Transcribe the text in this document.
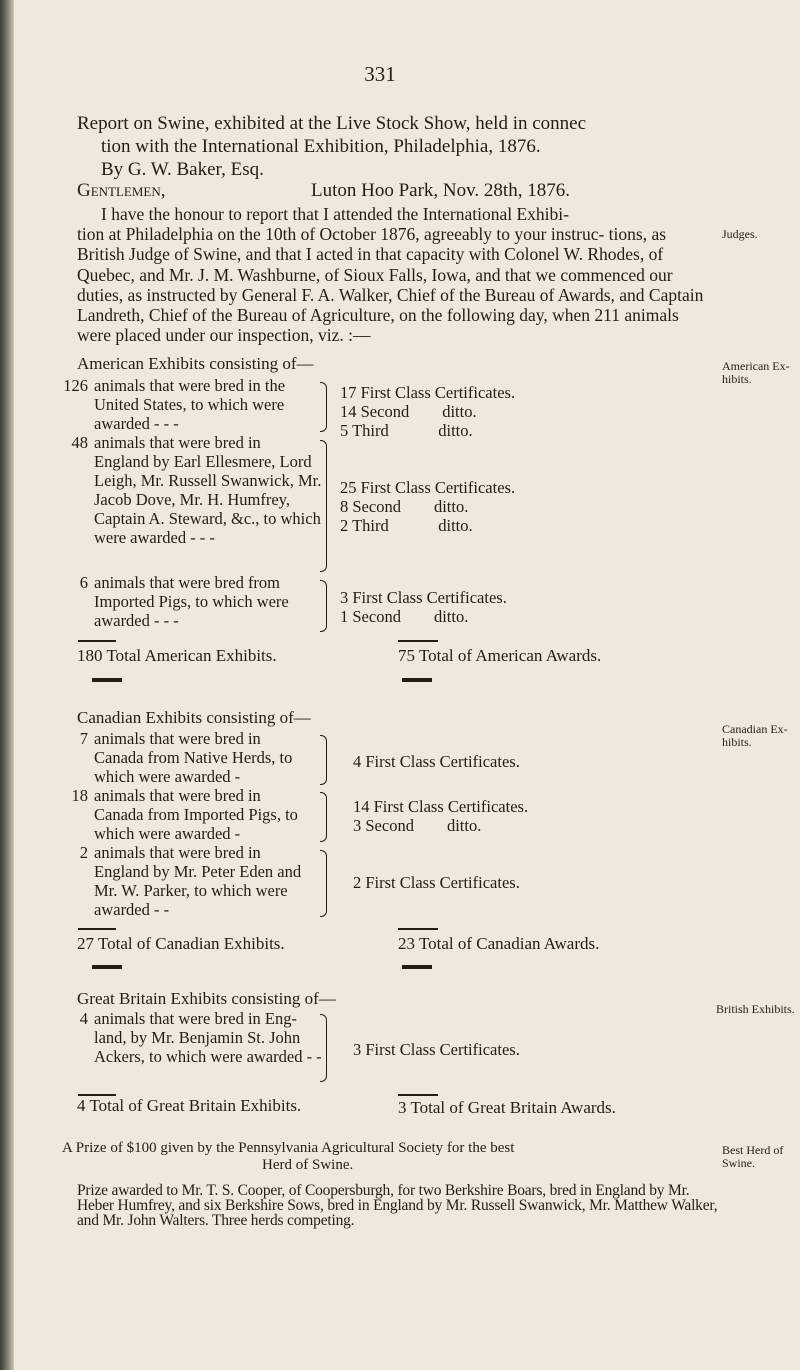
331
Report on Swine, exhibited at the Live Stock Show, held in connec
tion with the International Exhibition, Philadelphia, 1876.
By G. W. Baker, Esq.
Gentlemen,	Luton Hoo Park, Nov. 28th, 1876.
I have the honour to report that I attended the International Exhibi-
tion at Philadelphia on the 10th of October 1876, agreeably to your instruc- tions, as British Judge of Swine, and that I acted in that capacity with Colonel W. Rhodes, of Quebec, and Mr. J. M. Washburne, of Sioux Falls, Iowa, and that we commenced our duties, as instructed by General F. A. Walker, Chief of the Bureau of Awards, and Captain Landreth, Chief of the Bureau of Agriculture, on the following day, when 211 animals were placed under our inspection, viz. :—
Judges.
American Exhibits consisting of—	American Ex- hibits.
126 animals that were bred in the
United States, to which were awarded - - -
17 First Class Certificates.
14 Second        ditto.
5 Third            ditto.
48 animals that were bred in
England by Earl Ellesmere, Lord Leigh, Mr. Russell Swanwick, Mr. Jacob Dove, Mr. H. Humfrey, Captain A. Steward, &c., to which were awarded - - -
25 First Class Certificates.
8 Second        ditto.
2 Third            ditto.
6 animals that were bred from
Imported Pigs, to which were awarded - - -
3 First Class Certificates.
1 Second        ditto.
180 Total American Exhibits.	75 Total of American Awards.
Canadian Exhibits consisting of—
Canadian Ex- hibits.
7 animals that were bred in
Canada from Native Herds, to which were awarded -
4 First Class Certificates.
18 animals that were bred in
Canada from Imported Pigs, to which were awarded -
14 First Class Certificates.
3 Second        ditto.
2 animals that were bred in
England by Mr. Peter Eden and Mr. W. Parker, to which were awarded - -
2 First Class Certificates.
27 Total of Canadian Exhibits.	23 Total of Canadian Awards.
Great Britain Exhibits consisting of—
British Exhibits.
4 animals that were bred in Eng-
land, by Mr. Benjamin St. John Ackers, to which were awarded - - 3 First Class Certificates.
4 Total of Great Britain Exhibits.	3 Total of Great Britain Awards.
A Prize of $100 given by the Pennsylvania Agricultural Society for the best
Herd of Swine.
Best Herd of Swine.
Prize awarded to Mr. T. S. Cooper, of Coopersburgh, for two Berkshire Boars, bred in England by Mr. Heber Humfrey, and six Berkshire Sows, bred in England by Mr. Russell Swanwick, Mr. Matthew Walker, and Mr. John Walters. Three herds competing.
